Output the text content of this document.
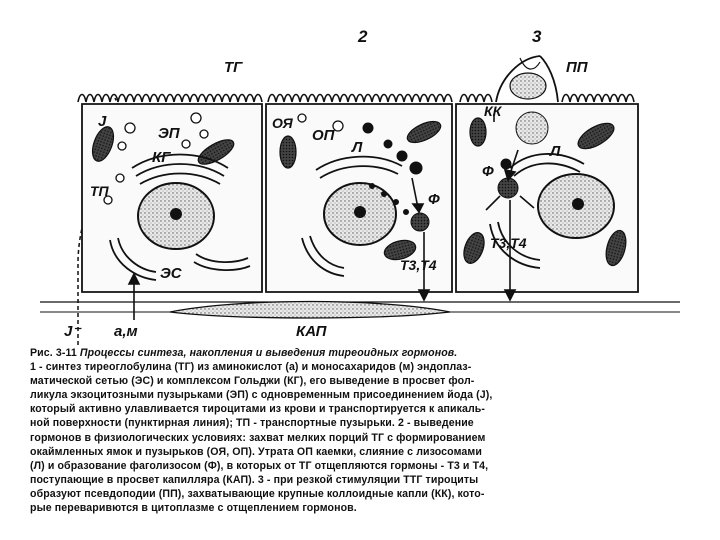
2	3
ТГ	ПП
J
ЭП
КГ
ТП
ЭС
ОЯ
ОП
Л
Ф
T3,T4
КК
Ф
Л
T3,T4
J⁻ а,м	КАП
Рис. 3-11 Процессы синтеза, накопления и выведения тиреоидных гормонов.
1 - синтез тиреоглобулина (ТГ) из аминокислот (а) и моносахаридов (м) эндоплаз-
матической сетью (ЭС) и комплексом Гольджи (КГ), его выведение в просвет фол-
ликула экзоцитозными пузырьками (ЭП) с одновременным присоединением йода (J),
который активно улавливается тироцитами из крови и транспортируется к апикаль-
ной поверхности (пунктирная линия); ТП - транспортные пузырьки. 2 - выведение
гормонов в физиологических условиях: захват мелких порций ТГ с формированием
окаймленных ямок и пузырьков (ОЯ, ОП). Утрата ОП каемки, слияние с лизосомами
(Л) и образование фаголизосом (Ф), в которых от ТГ отщепляются гормоны - Т3 и Т4,
поступающие в просвет капилляра (КАП). 3 - при резкой стимуляции ТТГ тироциты
образуют псевдоподии (ПП), захватывающие крупные коллоидные капли (КК), кото-
рые переваривются в цитоплазме с отщеплением гормонов.
